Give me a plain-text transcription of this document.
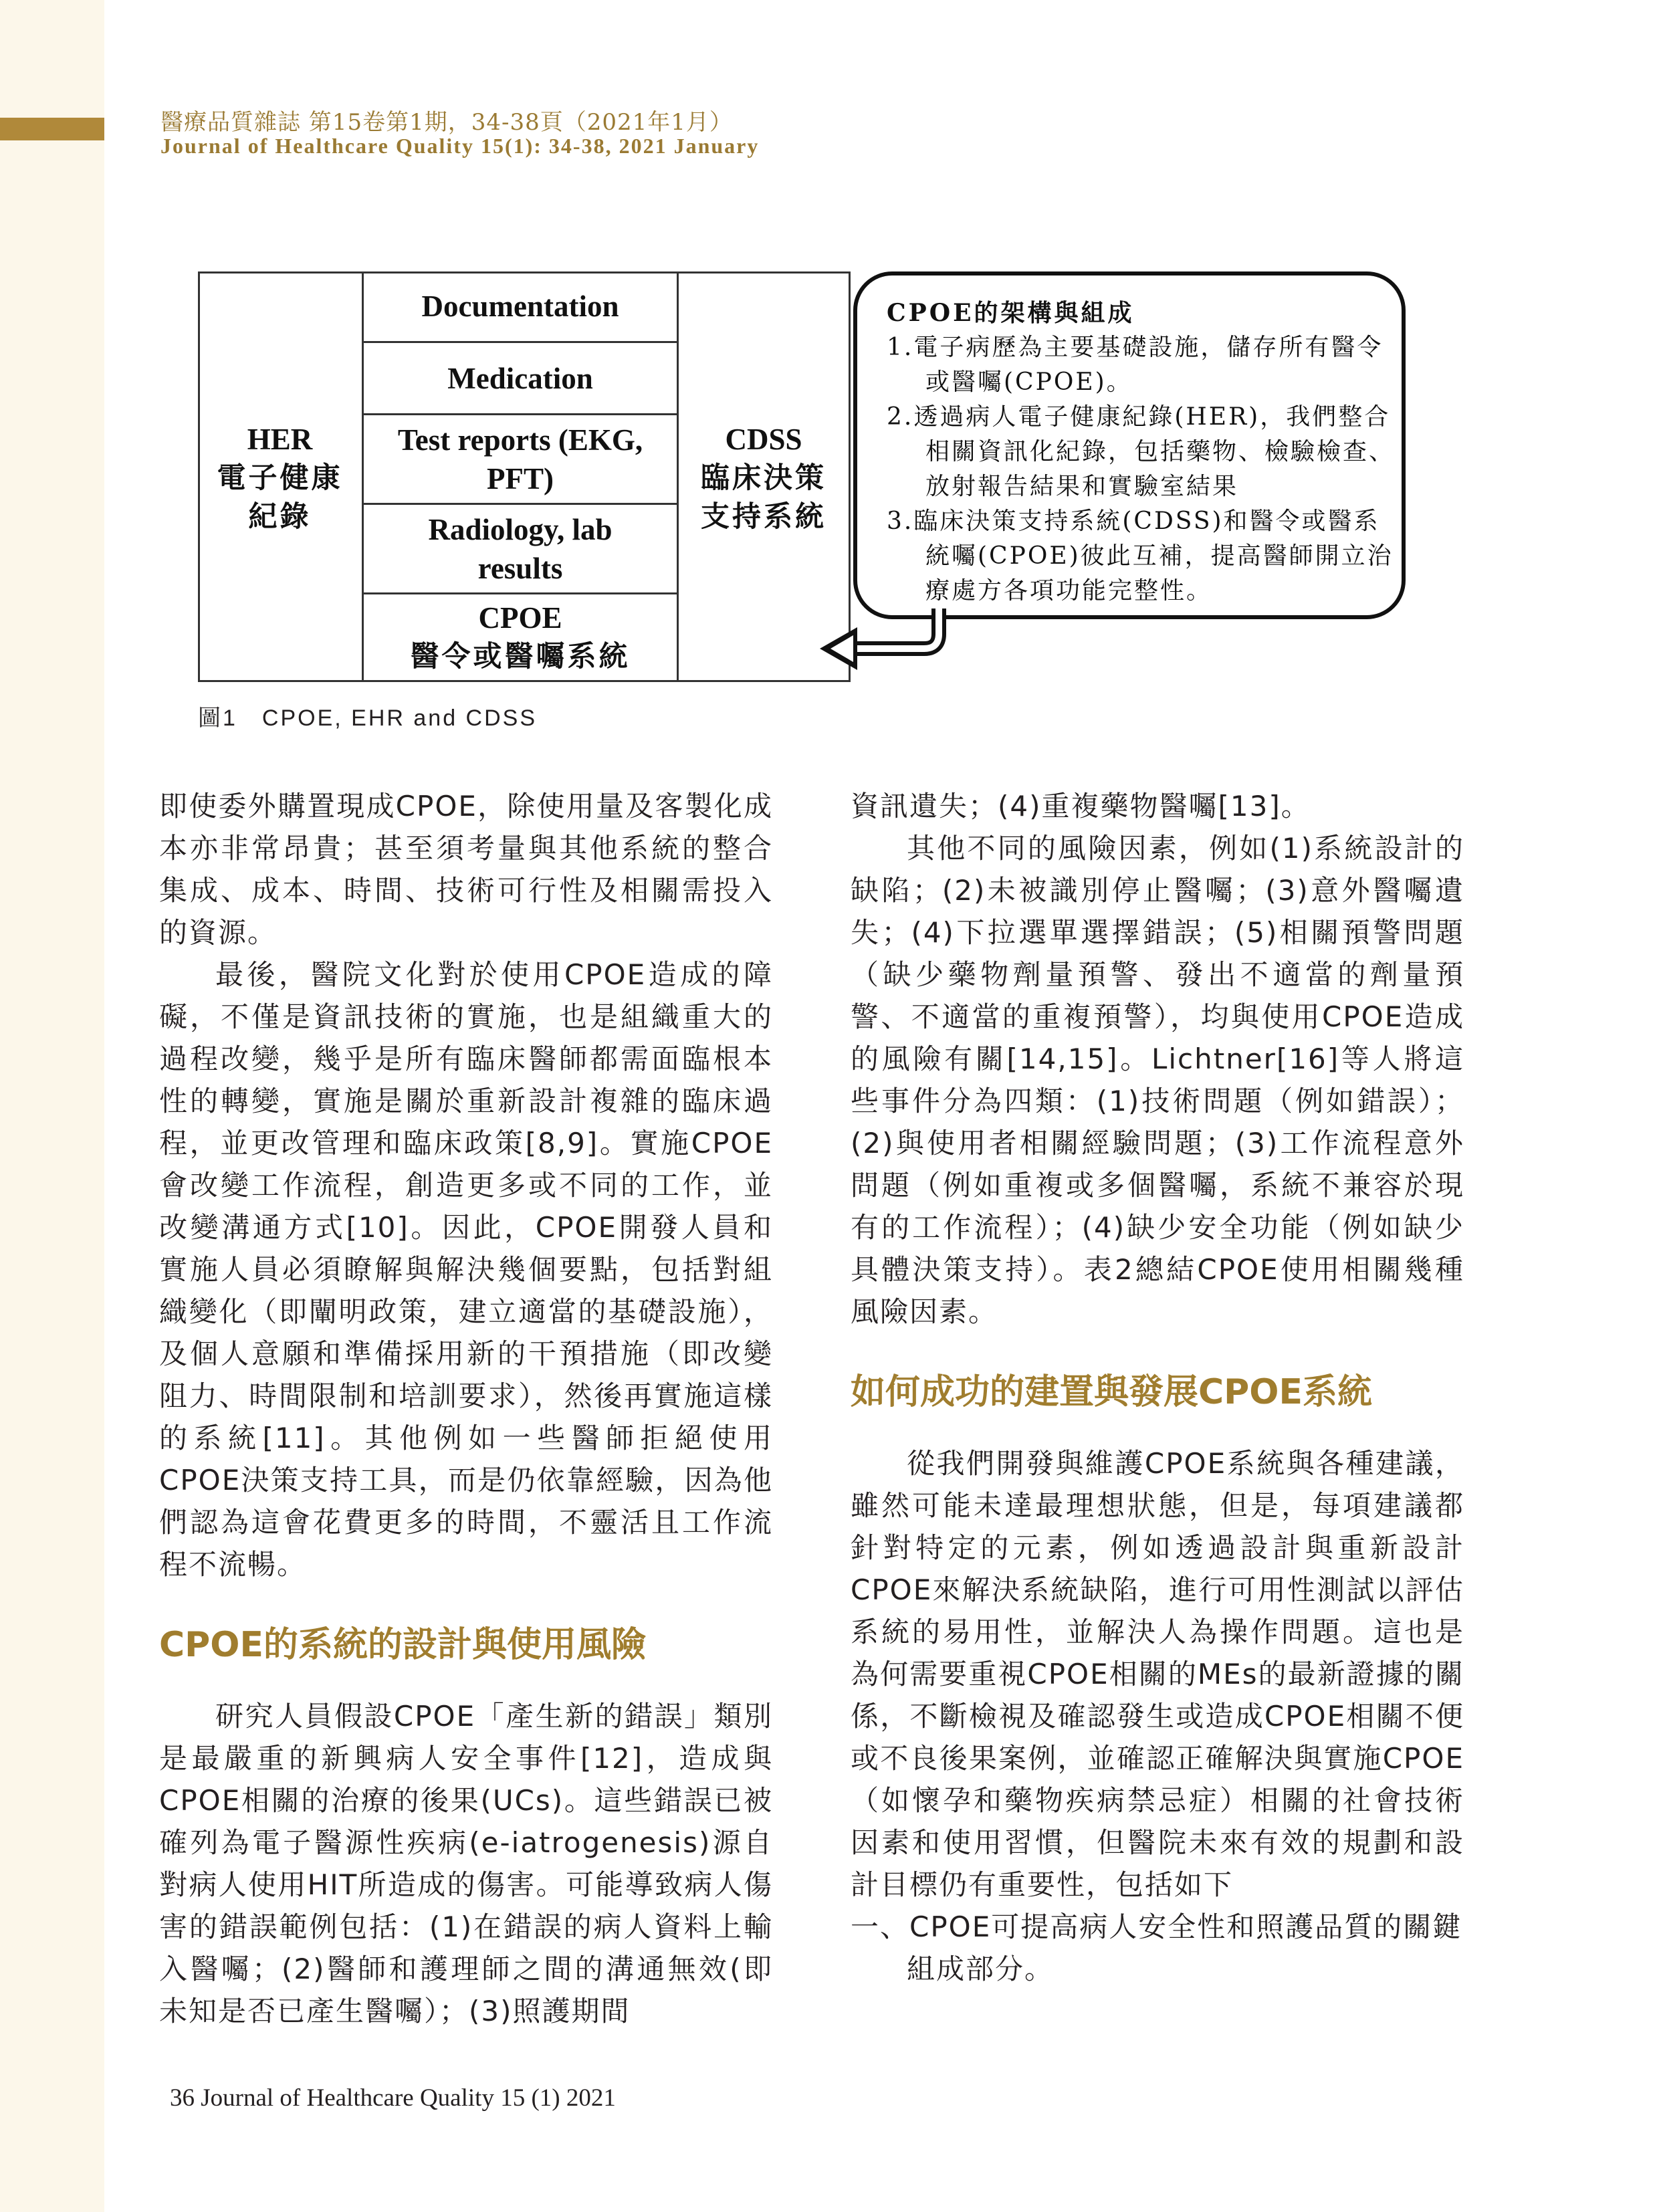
醫療品質雜誌 第15卷第1期，34-38頁（2021年1月）
Journal of Healthcare Quality 15(1): 34-38, 2021 January
HER
電子健康
紀錄
Documentation
Medication
Test reports (EKG,
PFT)
Radiology, lab
results
CPOE
醫令或醫囑系統
CDSS
臨床決策
支持系統
CPOE的架構與組成
1.電子病歷為主要基礎設施，儲存所有醫令或醫囑(CPOE)。
2.透過病人電子健康紀錄(HER)，我們整合相關資訊化紀錄，包括藥物、檢驗檢查、放射報告結果和實驗室結果
3.臨床決策支持系統(CDSS)和醫令或醫系統囑(CPOE)彼此互補，提高醫師開立治療處方各項功能完整性。
圖1　CPOE, EHR and CDSS

即使委外購置現成CPOE，除使用量及客製化成本亦非常昂貴；甚至須考量與其他系統的整合集成、成本、時間、技術可行性及相關需投入的資源。

最後，醫院文化對於使用CPOE造成的障礙，不僅是資訊技術的實施，也是組織重大的過程改變，幾乎是所有臨床醫師都需面臨根本性的轉變，實施是關於重新設計複雜的臨床過程，並更改管理和臨床政策[8,9]。實施CPOE會改變工作流程，創造更多或不同的工作，並改變溝通方式[10]。因此，CPOE開發人員和實施人員必須瞭解與解決幾個要點，包括對組織變化（即闡明政策，建立適當的基礎設施），及個人意願和準備採用新的干預措施（即改變阻力、時間限制和培訓要求），然後再實施這樣的系統[11]。其他例如一些醫師拒絕使用CPOE決策支持工具，而是仍依靠經驗，因為他們認為這會花費更多的時間，不靈活且工作流程不流暢。

CPOE的系統的設計與使用風險

研究人員假設CPOE「產生新的錯誤」類別是最嚴重的新興病人安全事件[12]，造成與CPOE相關的治療的後果(UCs)。這些錯誤已被確列為電子醫源性疾病(e-iatrogenesis)源自對病人使用HIT所造成的傷害。可能導致病人傷害的錯誤範例包括：(1)在錯誤的病人資料上輸入醫囑；(2)醫師和護理師之間的溝通無效(即未知是否已產生醫囑）；(3)照護期間

資訊遺失；(4)重複藥物醫囑[13]。

其他不同的風險因素，例如(1)系統設計的缺陷；(2)未被識別停止醫囑；(3)意外醫囑遺失；(4)下拉選單選擇錯誤；(5)相關預警問題（缺少藥物劑量預警、發出不適當的劑量預警、不適當的重複預警），均與使用CPOE造成的風險有關[14,15]。Lichtner[16]等人將這些事件分為四類：(1)技術問題（例如錯誤）；(2)與使用者相關經驗問題；(3)工作流程意外問題（例如重複或多個醫囑，系統不兼容於現有的工作流程）；(4)缺少安全功能（例如缺少具體決策支持）。表2總結CPOE使用相關幾種風險因素。

如何成功的建置與發展CPOE系統

從我們開發與維護CPOE系統與各種建議，雖然可能未達最理想狀態，但是，每項建議都針對特定的元素，例如透過設計與重新設計CPOE來解決系統缺陷，進行可用性測試以評估系統的易用性，並解決人為操作問題。這也是為何需要重視CPOE相關的MEs的最新證據的關係，不斷檢視及確認發生或造成CPOE相關不便或不良後果案例，並確認正確解決與實施CPOE（如懷孕和藥物疾病禁忌症）相關的社會技術因素和使用習慣，但醫院未來有效的規劃和設計目標仍有重要性，包括如下

一、CPOE可提高病人安全性和照護品質的關鍵組成部分。

36 Journal of Healthcare Quality 15 (1) 2021
